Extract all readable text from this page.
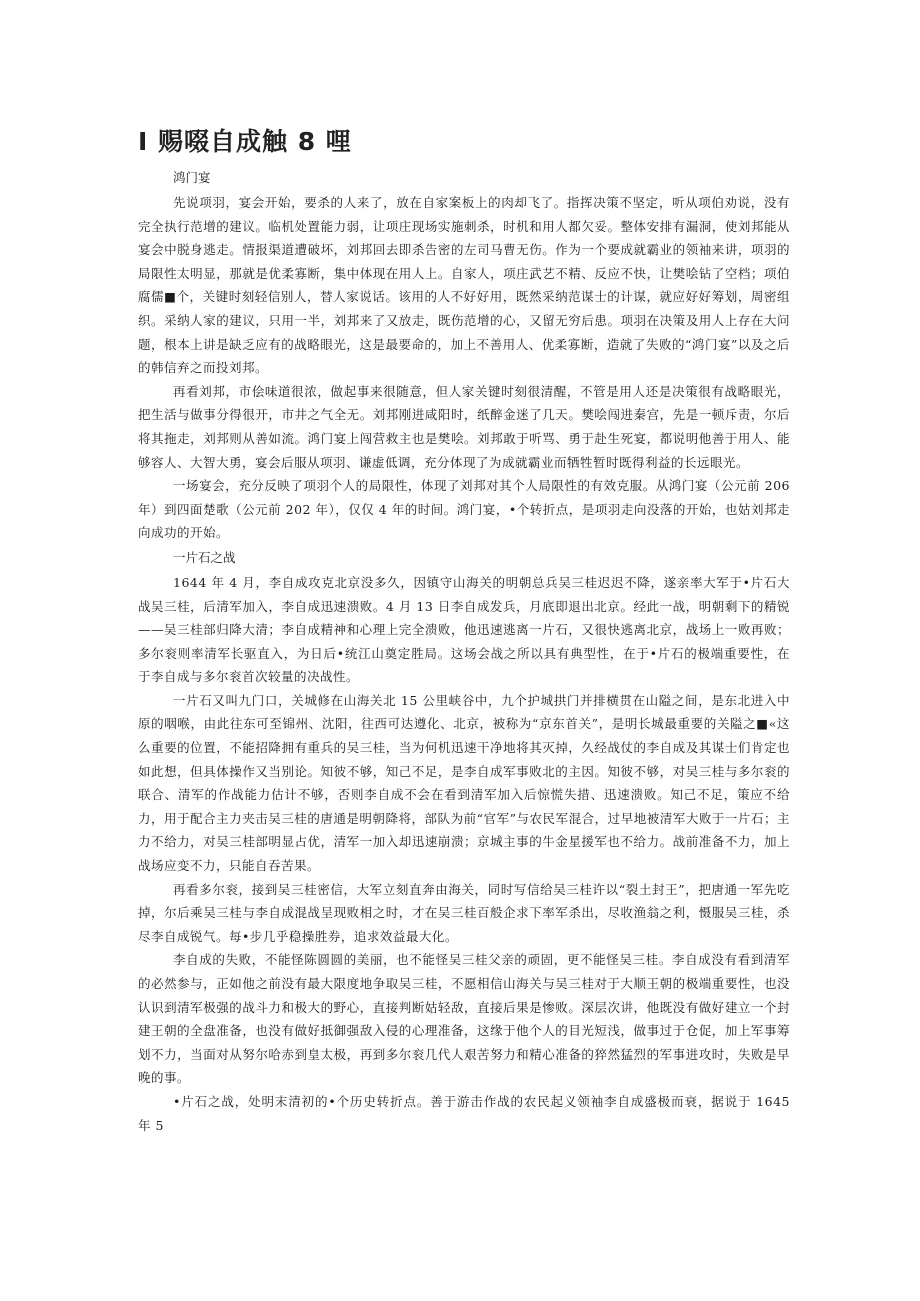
I 赐啜自成触 8 哩

鸿门宴

先说项羽，宴会开始，要杀的人来了，放在自家案板上的肉却飞了。指挥决策不坚定，听从项伯劝说，没有完全执行范增的建议。临机处置能力弱，让项庄现场实施刺杀，时机和用人都欠妥。整体安排有漏洞，使刘邦能从宴会中脱身逃走。情报渠道遭破坏，刘邦回去即杀告密的左司马曹无伤。作为一个要成就霸业的领袖来讲，项羽的局限性太明显，那就是优柔寡断，集中体现在用人上。自家人，项庄武艺不精、反应不快，让樊哙钻了空档；项伯腐儒■个，关键时刻轻信别人，替人家说话。该用的人不好好用，既然采纳范谋士的计谋，就应好好筹划，周密组织。采纳人家的建议，只用一半，刘邦来了又放走，既伤范增的心，又留无穷后患。项羽在决策及用人上存在大问题，根本上讲是缺乏应有的战略眼光，这是最要命的，加上不善用人、优柔寡断，造就了失败的“鸿门宴”以及之后的韩信弃之而投刘邦。

再看刘邦，市侩味道很浓，做起事来很随意，但人家关键时刻很清醒，不管是用人还是决策很有战略眼光，把生活与做事分得很开，市井之气全无。刘邦刚进咸阳时，纸醉金迷了几天。樊哙闯进秦宫，先是一顿斥责，尔后将其拖走，刘邦则从善如流。鸿门宴上闯营救主也是樊哙。刘邦敢于听骂、勇于赴生死宴，都说明他善于用人、能够容人、大智大勇，宴会后服从项羽、谦虚低调，充分体现了为成就霸业而牺牲暂时既得利益的长远眼光。

一场宴会，充分反映了项羽个人的局限性，体现了刘邦对其个人局限性的有效克服。从鸿门宴（公元前 206 年）到四面楚歌（公元前 202 年），仅仅 4 年的时间。鸿门宴，•个转折点，是项羽走向没落的开始，也姑刘邦走向成功的开始。

一片石之战

1644 年 4 月，李自成攻克北京没多久，因镇守山海关的明朝总兵吴三桂迟迟不降，遂亲率大军于•片石大战吴三桂，后清军加入，李自成迅速溃败。4 月 13 日李自成发兵，月底即退出北京。经此一战，明朝剩下的精锐——吴三桂部归降大清；李自成精神和心理上完全溃败，他迅速逃离一片石，又很快逃离北京，战场上一败再败；多尔衮则率清军长驱直入，为日后•统江山奠定胜局。这场会战之所以具有典型性，在于•片石的极端重要性，在于李自成与多尔衮首次较量的决战性。

一片石又叫九门口，关城修在山海关北 15 公里峡谷中，九个护城拱门并排横贯在山隘之间，是东北进入中原的咽喉，由此往东可至锦州、沈阳，往西可达遵化、北京，被称为“京东首关”，是明长城最重要的关隘之■«这么重要的位置，不能招降拥有重兵的吴三桂，当为何机迅速干净地将其灭掉，久经战仗的李自成及其谋士们肯定也如此想，但具体操作又当别论。知彼不够，知己不足，是李自成军事败北的主因。知彼不够，对吴三桂与多尔衮的联合、清军的作战能力估计不够，否则李自成不会在看到清军加入后惊慌失措、迅速溃败。知己不足，策应不给力，用于配合主力夹击吴三桂的唐通是明朝降将，部队为前“官军”与农民军混合，过早地被清军大败于一片石；主力不给力，对吴三桂部明显占优，清军一加入却迅速崩溃；京城主事的牛金星援军也不给力。战前准备不力，加上战场应变不力，只能自吞苦果。

再看多尔衮，接到吴三桂密信，大军立刻直奔由海关，同时写信给吴三桂许以“裂土封王”，把唐通一军先吃掉，尔后乘吴三桂与李自成混战呈现败相之时，才在吴三桂百般企求下率军杀出，尽收渔翁之利，慑服吴三桂，杀尽李自成锐气。每•步几乎稳操胜券，追求效益最大化。

李自成的失败，不能怪陈圆圆的美丽，也不能怪吴三桂父亲的顽固，更不能怪吴三桂。李自成没有看到清军的必然参与，正如他之前没有最大限度地争取吴三桂，不愿相信山海关与吴三桂对于大顺王朝的极端重要性，也没认识到清军极强的战斗力和极大的野心，直接判断姑轻敌，直接后果是惨败。深层次讲，他既没有做好建立一个封建王朝的全盘准备，也没有做好抵御强敌入侵的心理准备，这缘于他个人的目光短浅，做事过于仓促，加上军事筹划不力，当面对从努尔哈赤到皇太极，再到多尔衮几代人艰苦努力和精心准备的猝然猛烈的军事进攻时，失败是早晚的事。

•片石之战，处明末清初的•个历史转折点。善于游击作战的农民起义领袖李自成盛极而衰，据说于 1645 年 5
